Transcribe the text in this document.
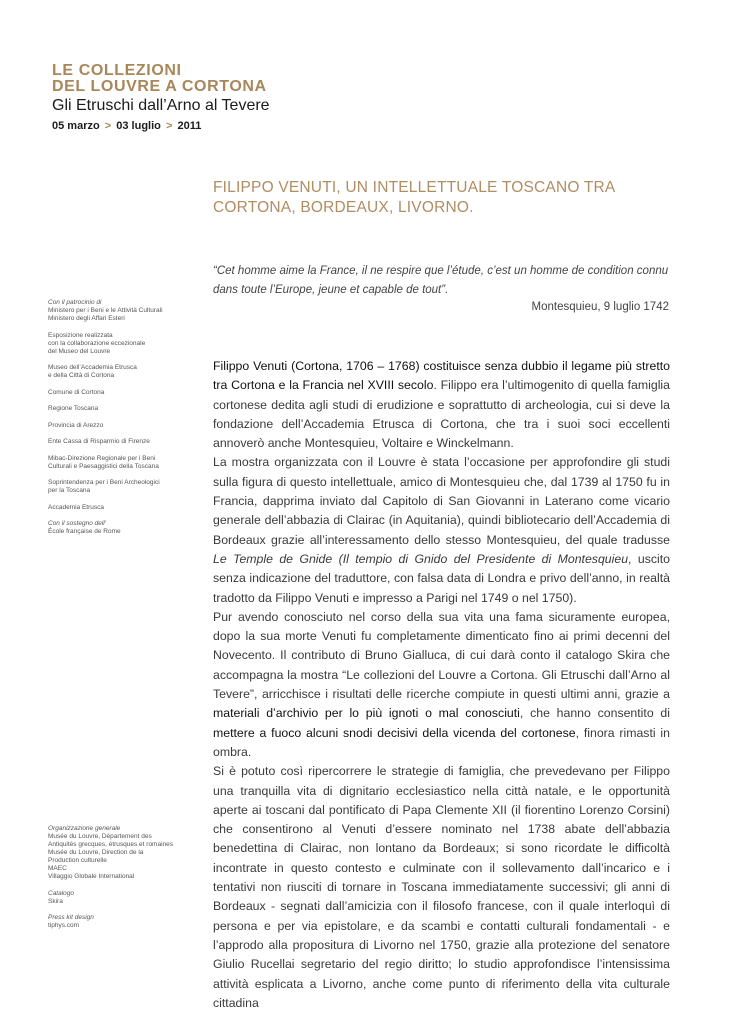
LE COLLEZIONI
DEL LOUVRE A CORTONA
Gli Etruschi dall’Arno al Tevere
05 marzo > 03 luglio > 2011
FILIPPO VENUTI, UN INTELLETTUALE TOSCANO TRA CORTONA, BORDEAUX, LIVORNO.
“Cet homme aime la France, il ne respire que l’étude, c’est un homme de condition connu dans toute l’Europe, jeune et capable de tout”.
Montesquieu, 9 luglio 1742

Filippo Venuti (Cortona, 1706 – 1768) costituisce senza dubbio il legame più stretto tra Cortona e la Francia nel XVIII secolo. Filippo era l’ultimogenito di quella famiglia cortonese dedita agli studi di erudizione e soprattutto di archeologia, cui si deve la fondazione dell’Accademia Etrusca di Cortona, che tra i suoi soci eccellenti annoverò anche Montesquieu, Voltaire e Winckelmann.

La mostra organizzata con il Louvre è stata l’occasione per approfondire gli studi sulla figura di questo intellettuale, amico di Montesquieu che, dal 1739 al 1750 fu in Francia, dapprima inviato dal Capitolo di San Giovanni in Laterano come vicario generale dell’abbazia di Clairac (in Aquitania), quindi bibliotecario dell’Accademia di Bordeaux grazie all’interessamento dello stesso Montesquieu, del quale tradusse Le Temple de Gnide (Il tempio di Gnido del Presidente di Montesquieu, uscito senza indicazione del traduttore, con falsa data di Londra e privo dell’anno, in realtà tradotto da Filippo Venuti e impresso a Parigi nel 1749 o nel 1750).

Pur avendo conosciuto nel corso della sua vita una fama sicuramente europea, dopo la sua morte Venuti fu completamente dimenticato fino ai primi decenni del Novecento. Il contributo di Bruno Gialluca, di cui darà conto il catalogo Skira che accompagna la mostra “Le collezioni del Louvre a Cortona. Gli Etruschi dall’Arno al Tevere”, arricchisce i risultati delle ricerche compiute in questi ultimi anni, grazie a materiali d’archivio per lo più ignoti o mal conosciuti, che hanno consentito di mettere a fuoco alcuni snodi decisivi della vicenda del cortonese, finora rimasti in ombra.

Si è potuto così ripercorrere le strategie di famiglia, che prevedevano per Filippo una tranquilla vita di dignitario ecclesiastico nella città natale, e le opportunità aperte ai toscani dal pontificato di Papa Clemente XII (il fiorentino Lorenzo Corsini) che consentirono al Venuti d’essere nominato nel 1738 abate dell’abbazia benedettina di Clairac, non lontano da Bordeaux; si sono ricordate le difficoltà incontrate in questo contesto e culminate con il sollevamento dall’incarico e i tentativi non riusciti di tornare in Toscana immediatamente successivi; gli anni di Bordeaux - segnati dall’amicizia con il filosofo francese, con il quale interloquì di persona e per via epistolare, e da scambi e contatti culturali fondamentali - e l’approdo alla propositura di Livorno nel 1750, grazie alla protezione del senatore Giulio Rucellai segretario del regio diritto; lo studio approfondisce l’intensissima attività esplicata a Livorno, anche come punto di riferimento della vita culturale cittadina

Con il patrocinio di
Ministero per i Beni e le Attività Culturali
Ministero degli Affari Esteri
Esposizione realizzata
con la collaborazione eccezionale
del Museo del Louvre
Museo dell’Accademia Etrusca
e della Città di Cortona
Comune di Cortona
Regione Toscana
Provincia di Arezzo
Ente Cassa di Risparmio di Firenze
Mibac-Direzione Regionale per i Beni
Culturali e Paesaggistici della Toscana
Soprintendenza per i Beni Archeologici
per la Toscana
Accademia Etrusca
Con il sostegno dell’
École française de Rome
Organizzazione generale
Musée du Louvre, Département des
Antiquités grecques, étrusques et romaines
Musée du Louvre, Direction de la
Production culturelle
MAEC
Villaggio Globale International
Catalogo
Skira
Press kit design
tiphys.com
